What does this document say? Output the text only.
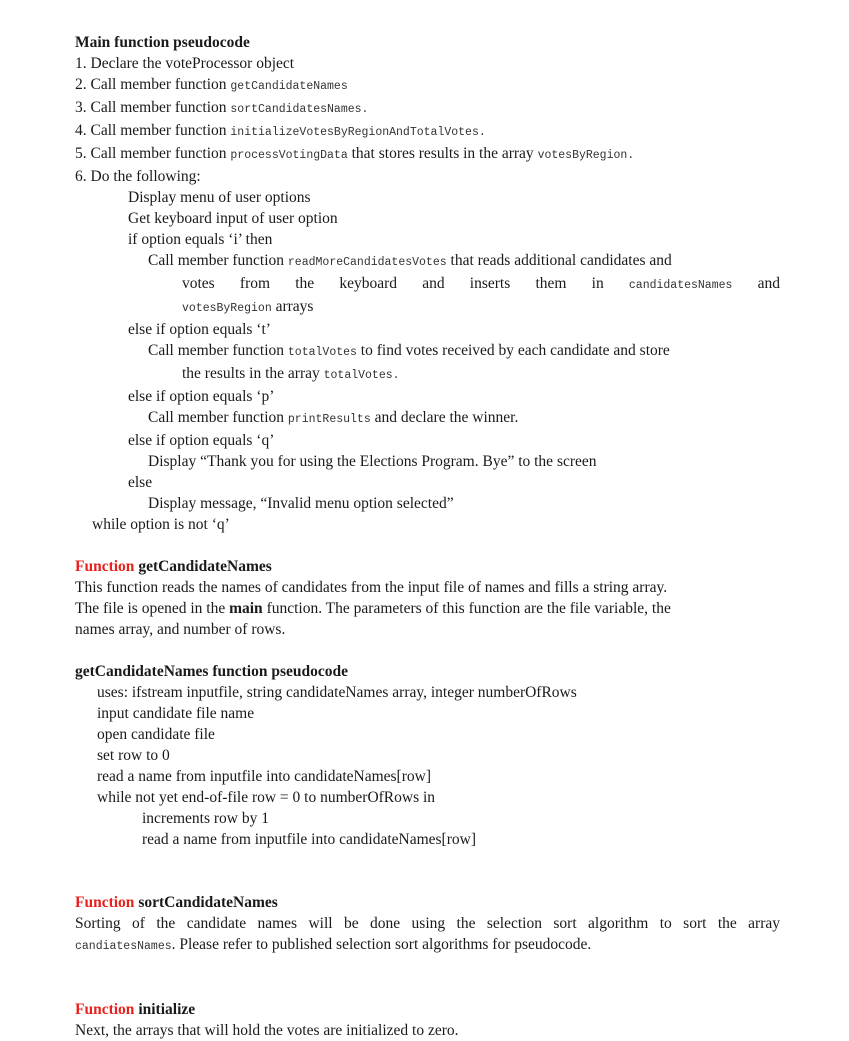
Main function pseudocode
1. Declare the voteProcessor object
2. Call member function getCandidateNames
3. Call member function sortCandidatesNames.
4. Call member function initializeVotesByRegionAndTotalVotes.
5. Call member function processVotingData that stores results in the array votesByRegion.
6. Do the following:
Display menu of user options
Get keyboard input of user option
if option equals ‘i’ then
Call member function readMoreCandidatesVotes that reads additional candidates and
votes from the keyboard and inserts them in candidatesNames and
votesByRegion arrays
else if option equals ‘t’
Call member function totalVotes to find votes received by each candidate and store
the results in the array totalVotes.
else if option equals ‘p’
Call member function printResults and declare the winner.
else if option equals ‘q’
Display “Thank you for using the Elections Program. Bye” to the screen
else
Display message, “Invalid menu option selected”
while option is not ‘q’
Function getCandidateNames
This function reads the names of candidates from the input file of names and fills a string array.
The file is opened in the main function. The parameters of this function are the file variable, the
names array, and number of rows.
getCandidateNames function pseudocode
uses: ifstream inputfile, string candidateNames array, integer numberOfRows
input candidate file name
open candidate file
set row to 0
read a name from inputfile into candidateNames[row]
while not yet end-of-file row = 0 to numberOfRows in
increments row by 1
read a name from inputfile into candidateNames[row]
Function sortCandidateNames
Sorting of the candidate names will be done using the selection sort algorithm to sort the array
candiatesNames. Please refer to published selection sort algorithms for pseudocode.
Function initialize
Next, the arrays that will hold the votes are initialized to zero.
